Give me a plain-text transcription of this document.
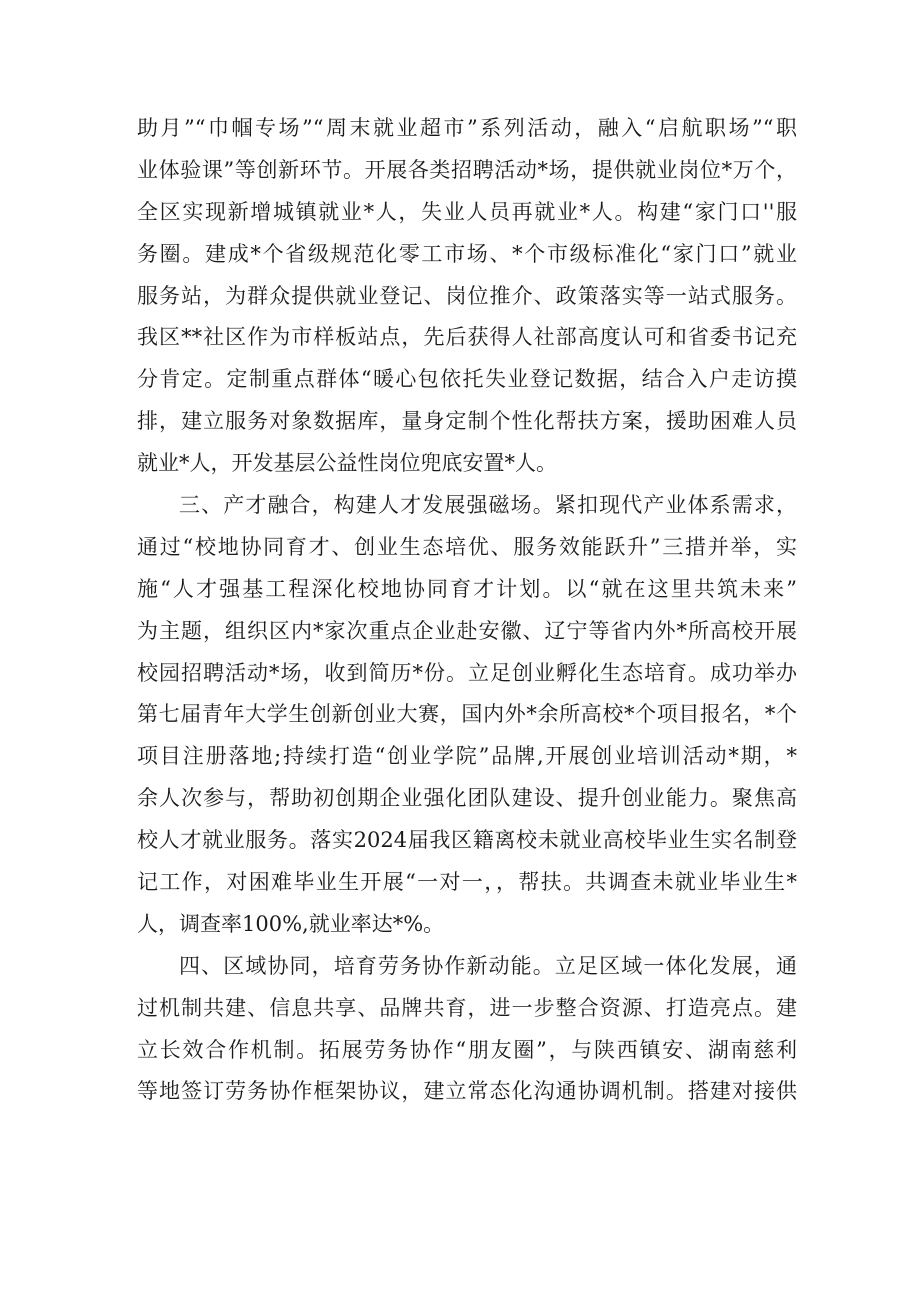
助月”“巾帼专场”“周末就业超市”系列活动，融入“启航职场”“职
业体验课”等创新环节。开展各类招聘活动*场，提供就业岗位*万个，
全区实现新增城镇就业*人，失业人员再就业*人。构建“家门口''服
务圈。建成*个省级规范化零工市场、*个市级标准化“家门口”就业
服务站，为群众提供就业登记、岗位推介、政策落实等一站式服务。
我区**社区作为市样板站点，先后获得人社部高度认可和省委书记充
分肯定。定制重点群体“暖心包依托失业登记数据，结合入户走访摸
排，建立服务对象数据库，量身定制个性化帮扶方案，援助困难人员
就业*人，开发基层公益性岗位兜底安置*人。
三、产才融合，构建人才发展强磁场。紧扣现代产业体系需求，
通过“校地协同育才、创业生态培优、服务效能跃升”三措并举，实
施“人才强基工程深化校地协同育才计划。以“就在这里共筑未来”
为主题，组织区内*家次重点企业赴安徽、辽宁等省内外*所高校开展
校园招聘活动*场，收到简历*份。立足创业孵化生态培育。成功举办
第七届青年大学生创新创业大赛，国内外*余所高校*个项目报名，*个
项目注册落地;持续打造“创业学院”品牌,开展创业培训活动*期，*
余人次参与，帮助初创期企业强化团队建设、提升创业能力。聚焦高
校人才就业服务。落实2024届我区籍离校未就业高校毕业生实名制登
记工作，对困难毕业生开展“一对一，，帮扶。共调查未就业毕业生*
人，调查率100%,就业率达*%。
四、区域协同，培育劳务协作新动能。立足区域一体化发展，通
过机制共建、信息共享、品牌共育，进一步整合资源、打造亮点。建
立长效合作机制。拓展劳务协作“朋友圈”，与陕西镇安、湖南慈利
等地签订劳务协作框架协议，建立常态化沟通协调机制。搭建对接供
